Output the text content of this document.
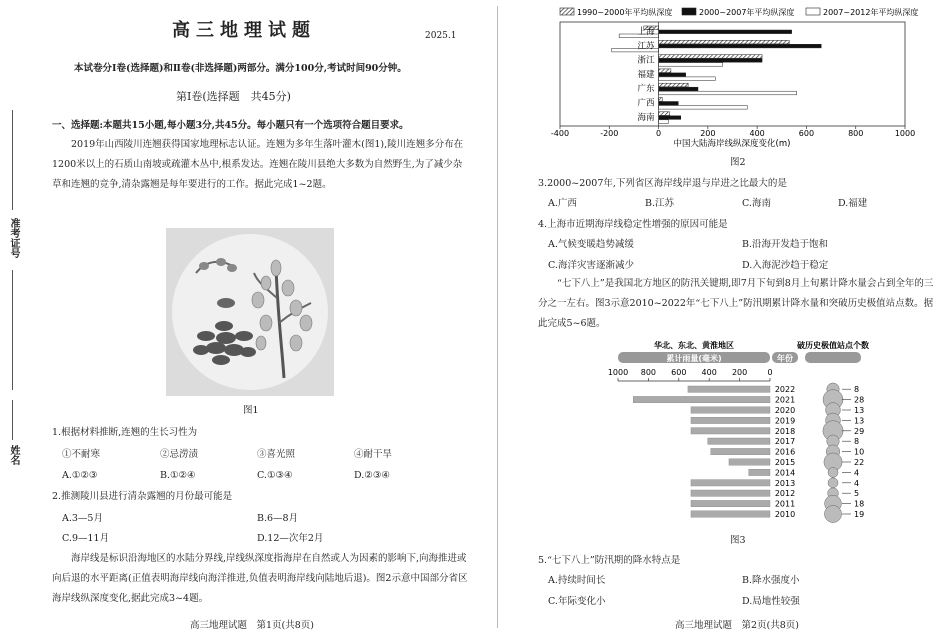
准考证号
姓名
高三地理试题	2025.1
本试卷分Ⅰ卷(选择题)和Ⅱ卷(非选择题)两部分。满分100分,考试时间90分钟。
第Ⅰ卷(选择题　共45分)
一、选择题:本题共15小题,每小题3分,共45分。每小题只有一个选项符合题目要求。
2019年山西陵川连翘获得国家地理标志认证。连翘为多年生落叶灌木(图1),陵川连翘多分布在1200米以上的石质山南坡或疏灌木丛中,根系发达。连翘在陵川县绝大多数为自然野生,为了减少杂草和连翘的竞争,清杂露翘是每年要进行的工作。据此完成1~2题。
图1
1.根据材料推断,连翘的生长习性为
①不耐寒	②忌涝渍	③喜光照	④耐干旱
A.①②③	B.①②④	C.①③④	D.②③④
2.推测陵川县进行清杂露翘的月份最可能是
A.3—5月	B.6—8月
C.9—11月	D.12—次年2月
海岸线是标识沿海地区的水陆分界线,岸线纵深度指海岸在自然或人为因素的影响下,向海推进或向后退的水平距离(正值表明海岸线向海洋推进,负值表明海岸线向陆地后退)。图2示意中国部分省区海岸线纵深度变化,据此完成3~4题。
高三地理试题　第1页(共8页)
1990~2000年平均纵深度	2000~2007年平均纵深度	2007~2012年平均纵深度
上海
江苏
浙江
福建
广东
广西
海南
-400	-200	0	200	400	600	800	1000
中国大陆海岸线纵深度变化(m)
图2
3.2000~2007年,下列省区海岸线岸退与岸进之比最大的是
A.广西	B.江苏	C.海南	D.福建
4.上海市近期海岸线稳定性增强的原因可能是
A.气候变暖趋势减缓	B.沿海开发趋于饱和
C.海洋灾害逐渐减少	D.入海泥沙趋于稳定
“七下八上”是我国北方地区的防汛关键期,即7月下旬到8月上旬累计降水量会占到全年的三分之一左右。图3示意2010~2022年“七下八上”防汛期累计降水量和突破历史极值站点数。据此完成5~6题。
华北、东北、黄淮地区
累计雨量(毫米)	年份
破历史极值站点个数
1000 800 600 400 200	0
2022
2021
2020
2019
2018
2017
2016
2015
2014
2013
2012
2011
2010
8
28
13
13
29
8
10
22
4
4
5
18
19
图3
5.“七下八上”防汛期的降水特点是
A.持续时间长	B.降水强度小
C.年际变化小	D.局地性较强
高三地理试题　第2页(共8页)
